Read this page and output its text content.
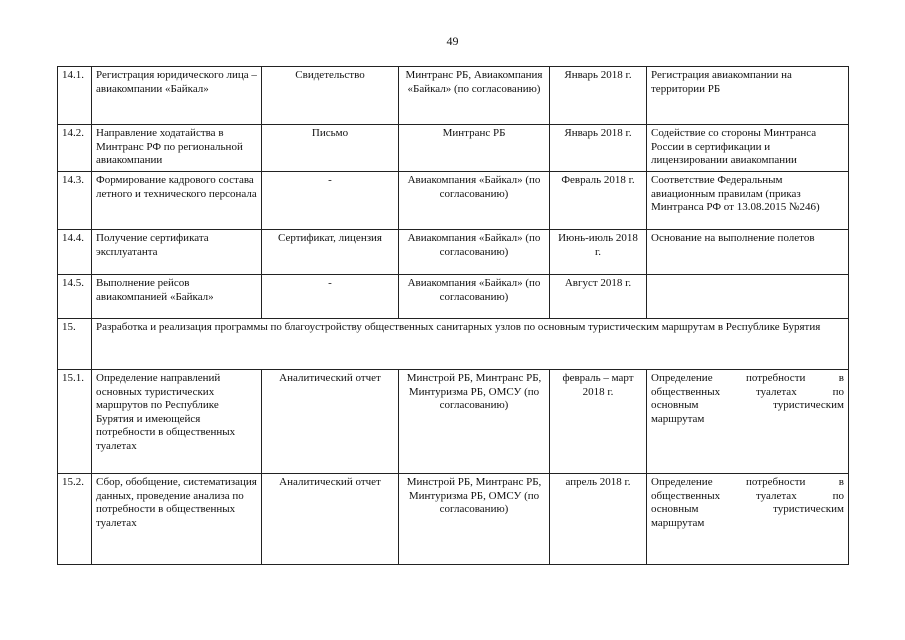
49
14.1.	Регистрация юридического лица – авиакомпании «Байкал»	Свидетельство	Минтранс РБ, Авиакомпания «Байкал» (по согласованию)	Январь 2018 г.	Регистрация авиакомпании на территории РБ
14.2.	Направление ходатайства в Минтранс РФ по региональной авиакомпании	Письмо	Минтранс РБ	Январь 2018 г.	Содействие со стороны Минтранса России в сертификации и лицензировании авиакомпании
14.3.	Формирование кадрового состава летного и технического персонала	-	Авиакомпания «Байкал» (по согласованию)	Февраль 2018 г.	Соответствие Федеральным авиационным правилам (приказ Минтранса РФ от 13.08.2015 №246)
14.4.	Получение сертификата эксплуатанта	Сертификат, лицензия	Авиакомпания «Байкал» (по согласованию)	Июнь-июль 2018 г.	Основание на выполнение полетов
14.5.	Выполнение рейсов авиакомпанией «Байкал»	-	Авиакомпания «Байкал» (по согласованию)	Август 2018 г.	
15.	Разработка и реализация программы по благоустройству общественных санитарных узлов по основным туристическим маршрутам в Республике Бурятия				
15.1.	Определение направлений основных туристических маршрутов по Республике Бурятия и имеющейся потребности в общественных туалетах	Аналитический отчет	Минстрой РБ, Минтранс РБ, Минтуризма РБ, ОМСУ (по согласованию)	февраль – март 2018 г.	Определение потребности в
общественных туалетах по
основным туристическим
маршрутам

15.2.	Сбор, обобщение, систематизация данных, проведение анализа по потребности в общественных туалетах	Аналитический отчет	Минстрой РБ, Минтранс РБ, Минтуризма РБ, ОМСУ (по согласованию)	апрель 2018 г.	Определение потребности в
общественных туалетах по
основным туристическим
маршрутам
